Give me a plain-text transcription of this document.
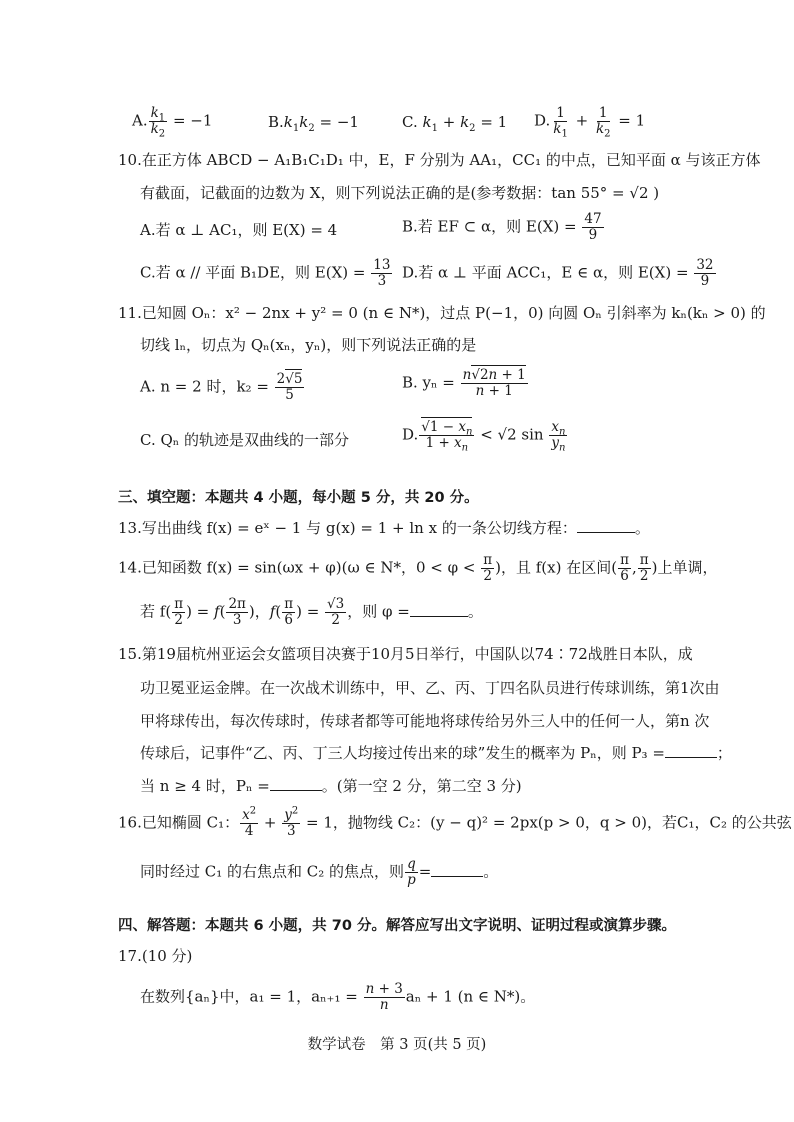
A. $\frac{k_1}{k_2} = -1$	$B.k_1k_2 = -1$	C. $k_1 + k_2 = 1$ D. $\frac{1}{k_1} + \frac{1}{k_2} = 1$
10.在正方体 ABCD − A₁B₁C₁D₁ 中，E，F 分别为 AA₁，CC₁ 的中点，已知平面 α 与该正方体
有截面，记截面的边数为 X，则下列说法正确的是(参考数据：tan 55° = √2 )
A.若 α ⊥ AC₁，则 E(X) = 4	B.若 EF ⊂ α，则 $E(X) = \frac{47}{9}$
C.若 α // 平面 B₁DE，则 $E(X) = \frac{13}{3} D$.若 α ⊥ 平面 ACC₁，E ∈ α，则 $E(X) = \frac{32}{9}$
11.已知圆 Oₙ：x² − 2nx + y² = 0 (n ∈ N*)，过点 P(−1，0) 向圆 Oₙ 引斜率为 kₙ(kₙ > 0) 的
切线 lₙ，切点为 Qₙ(xₙ，yₙ)，则下列说法正确的是
A. n = 2 时，$k_2 = \frac{2√5}{5}$	B. $y_n = \frac{n√2n + 1}{n + 1}$
C. Qₙ 的轨迹是双曲线的一部分	D. $\frac{√1 - x_n}{1 + x_n} < √2$ $\sin \frac{x_n}{y_n}$
三、填空题：本题共 4 小题，每小题 5 分，共 20 分。
13.写出曲线 f(x) = eˣ − 1 与 g(x) = 1 + ln x 的一条公切线方程：	。
14.已知函数 f(x) = sin(ωx + φ)(ω ∈ N*，$0 < \varphi < \frac{\pi}{2}$ )，且 f(x) 在区间( $\frac{\pi}{6}$ , $\frac{\pi}{2}$ )上单调，
若 $f( \frac{\pi}{2}$ ) = $f( \frac{2\pi}{3}$ )，$f( \frac{\pi}{6}$ ) = $\frac{√3}{2}$ ，则 φ =	。
15.第19届杭州亚运会女篮项目决赛于10月5日举行，中国队以74∶72战胜日本队，成
功卫冕亚运金牌。在一次战术训练中，甲、乙、丙、丁四名队员进行传球训练，第1次由
甲将球传出，每次传球时，传球者都等可能地将球传给另外三人中的任何一人，第n 次
传球后，记事件“乙、丙、丁三人均接过传出来的球”发生的概率为 Pₙ，则 P₃ =	；
当 n ≥ 4 时，Pₙ =	。(第一空 2 分，第二空 3 分)
16.已知椭圆 C₁： $\frac{x^2}{4} + \frac{y^2}{3} = 1$，抛物线 C₂：(y − q)² = 2px(p > 0，q > 0)，若C₁，C₂ 的公共弦
同时经过 C₁ 的右焦点和 C₂ 的焦点，则 $\frac{q}{p}$ =	。
四、解答题：本题共 6 小题，共 70 分。解答应写出文字说明、证明过程或演算步骤。
17.(10 分)
在数列{aₙ}中，a₁ = 1，$a_{n+1} = \frac{n + 3}{n}$ aₙ + 1 (n ∈ N*)。
数学试卷　第 3 页(共 5 页)
